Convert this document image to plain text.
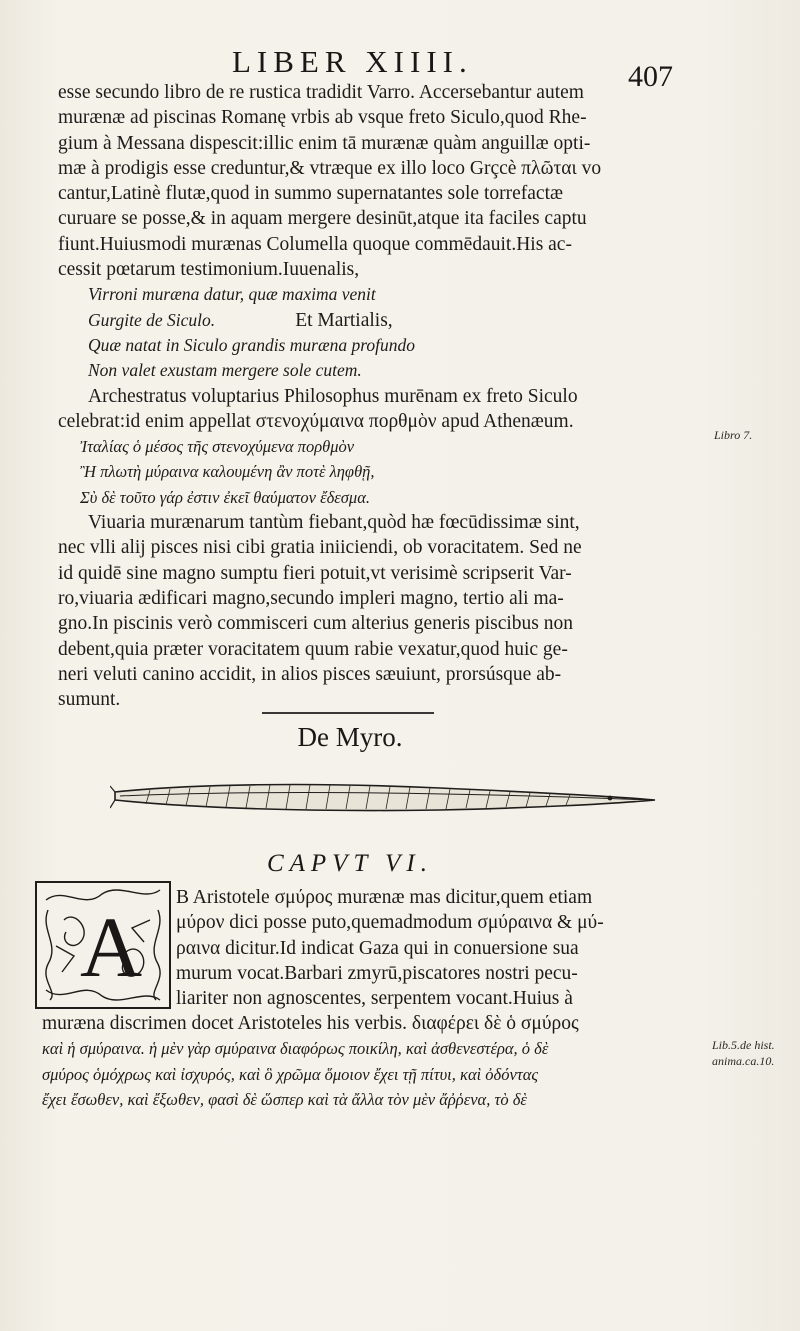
LIBER XIIII.	407
esse secundo libro de re rustica tradidit Varro. Accersebantur autem
murænæ ad piscinas Romanę vrbis ab vsque freto Siculo,quod Rhe-
gium à Messana dispescit:illic enim tā murænæ quàm anguillæ opti-
mæ à prodigis esse creduntur,& vtræque ex illo loco Grçcè πλῶται vo
cantur,Latinè flutæ,quod in summo supernatantes sole torrefactæ
curuare se posse,& in aquam mergere desinūt,atque ita faciles captu
fiunt.Huiusmodi murænas Columella quoque commēdauit.His ac-
cessit pœtarum testimonium.Iuuenalis,
Virroni muræna datur, quæ maxima venit
Gurgite de Siculo.	Et Martialis,
Quæ natat in Siculo grandis muræna profundo
Non valet exustam mergere sole cutem.
Archestratus voluptarius Philosophus murēnam ex freto Siculo
celebrat:id enim appellat στενοχύμαινα πορθμὸν apud Athenæum.
Ἰταλίας ὁ μέσος τῆς στενοχύμενα πορθμὸν
Ἢ πλωτὴ μύραινα καλουμένη ἂν ποτὲ ληφθῇ,
Σὺ δὲ τοῦτο γάρ ἐστιν ἐκεῖ θαύματον ἔδεσμα.
Viuaria murænarum tantùm fiebant,quòd hæ fœcūdissimæ sint,
nec vlli alij pisces nisi cibi gratia iniiciendi, ob voracitatem. Sed ne
id quidē sine magno sumptu fieri potuit,vt verisimè scripserit Var-
ro,viuaria ædificari magno,secundo impleri magno, tertio ali ma-
gno.In piscinis verò commisceri cum alterius generis piscibus non
debent,quia præter voracitatem quum rabie vexatur,quod huic ge-
neri veluti canino accidit, in alios pisces sæuiunt, prorsúsque ab-
sumunt.
Libro 7.
De Myro.
CAPVT VI.
A
B Aristotele σμύρος murænæ mas dicitur,quem etiam
μύρον dici posse puto,quemadmodum σμύραινα & μύ-
ραινα dicitur.Id indicat Gaza qui in conuersione sua
murum vocat.Barbari zmyrū,piscatores nostri pecu-
liariter non agnoscentes, serpentem vocant.Huius à
muræna discrimen docet Aristoteles his verbis. διαφέρει δὲ ὁ σμύρος
καὶ ἡ σμύραινα. ἡ μὲν γὰρ σμύραινα διαφόρως ποικίλη, καὶ ἀσθενεστέρα, ὁ δὲ
σμύρος ὁμόχρως καὶ ἰσχυρός, καὶ ὃ χρῶμα ὅμοιον ἔχει τῇ πίτυι, καὶ ὀδόντας
ἔχει ἔσωθεν, καὶ ἔξωθεν, φασὶ δὲ ὥσπερ καὶ τὰ ἄλλα τὸν μὲν ἄῤῥενα, τὸ δὲ
Lib.5.de hist.
anima.ca.10.
